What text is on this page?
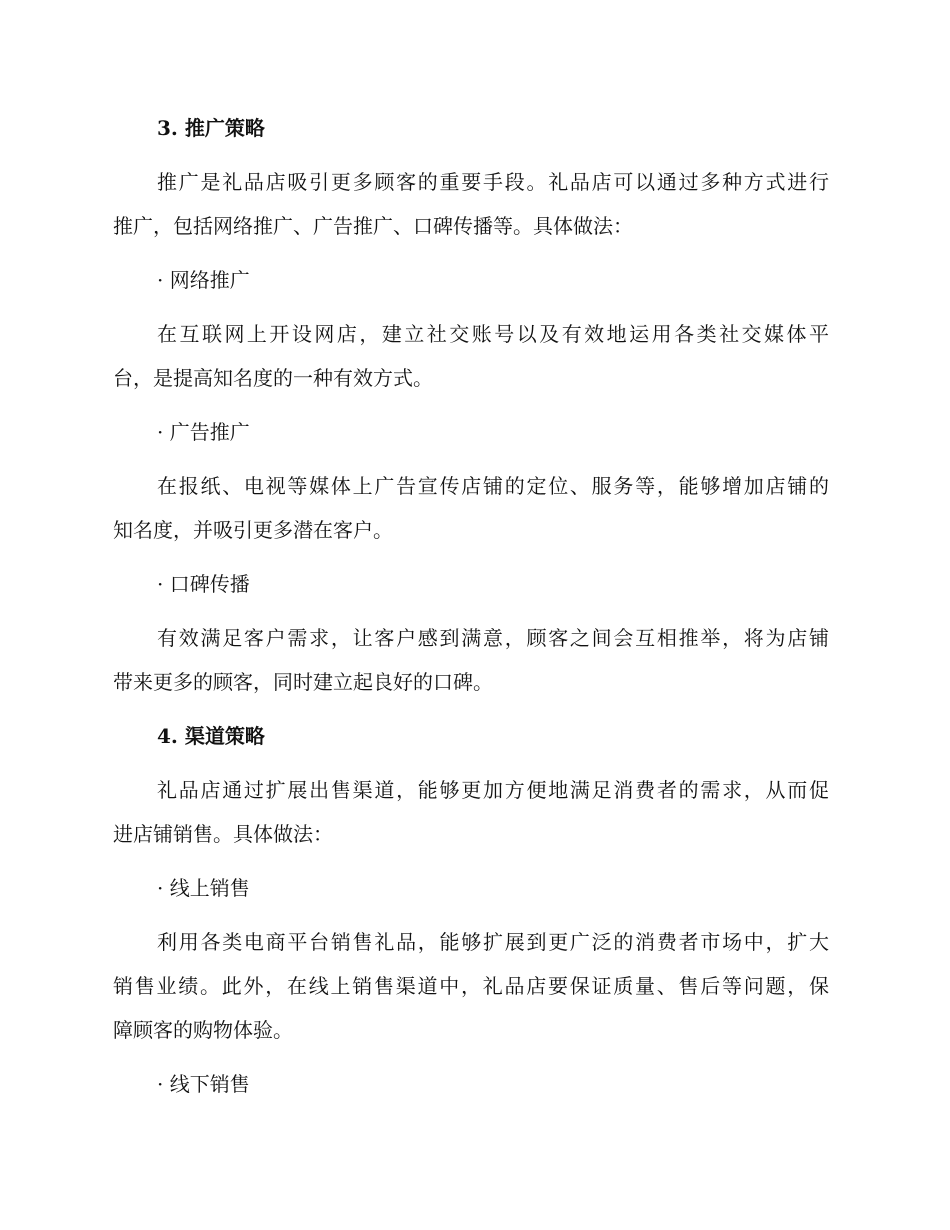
3. 推广策略
推广是礼品店吸引更多顾客的重要手段。礼品店可以通过多种方式进行
推广，包括网络推广、广告推广、口碑传播等。具体做法：
· 网络推广
在互联网上开设网店，建立社交账号以及有效地运用各类社交媒体平
台，是提高知名度的一种有效方式。
· 广告推广
在报纸、电视等媒体上广告宣传店铺的定位、服务等，能够增加店铺的
知名度，并吸引更多潜在客户。
· 口碑传播
有效满足客户需求，让客户感到满意，顾客之间会互相推举，将为店铺
带来更多的顾客，同时建立起良好的口碑。
4. 渠道策略
礼品店通过扩展出售渠道，能够更加方便地满足消费者的需求，从而促
进店铺销售。具体做法：
· 线上销售
利用各类电商平台销售礼品，能够扩展到更广泛的消费者市场中，扩大
销售业绩。此外，在线上销售渠道中，礼品店要保证质量、售后等问题，保
障顾客的购物体验。
· 线下销售
